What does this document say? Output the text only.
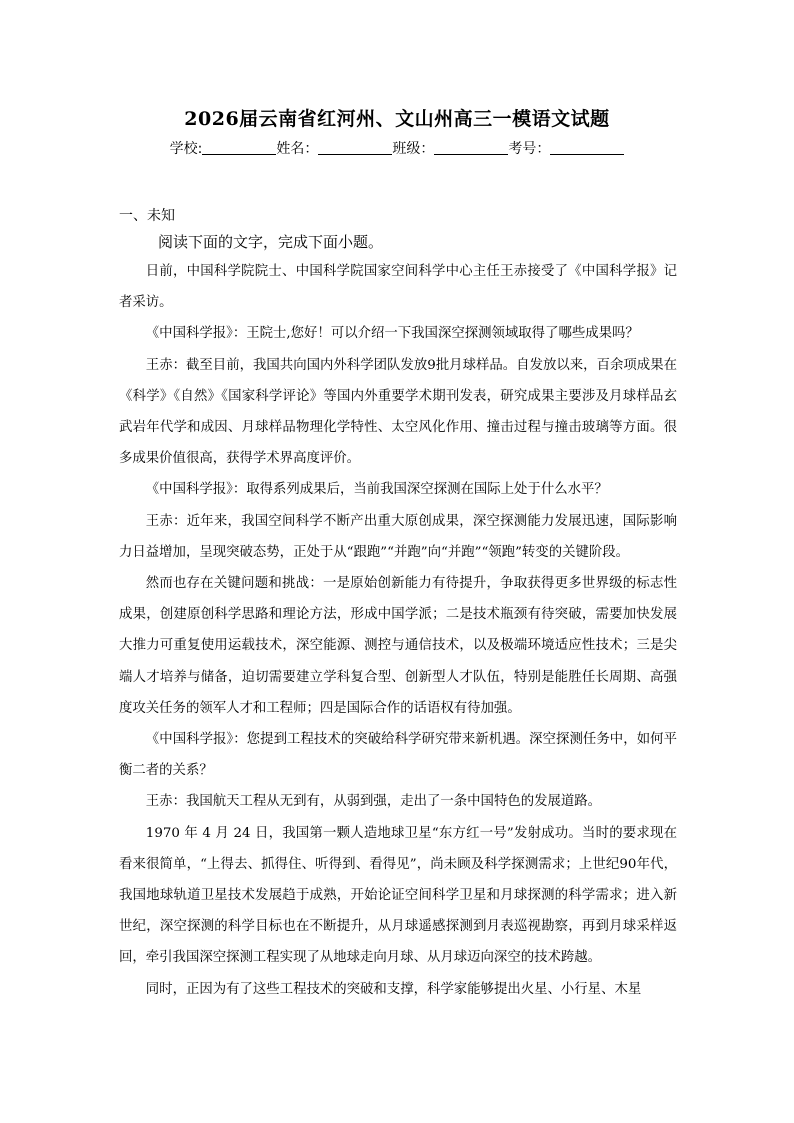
2026届云南省红河州、文山州高三一模语文试题
学校:	姓名：	班级：	考号：
一、未知
阅读下面的文字，完成下面小题。

日前，中国科学院院士、中国科学院国家空间科学中心主任王赤接受了《中国科学报》记者采访。

《中国科学报》：王院士,您好！可以介绍一下我国深空探测领域取得了哪些成果吗？

王赤：截至目前，我国共向国内外科学团队发放9批月球样品。自发放以来，百余项成果在《科学》《自然》《国家科学评论》等国内外重要学术期刊发表，研究成果主要涉及月球样品玄武岩年代学和成因、月球样品物理化学特性、太空风化作用、撞击过程与撞击玻璃等方面。很多成果价值很高，获得学术界高度评价。

《中国科学报》：取得系列成果后，当前我国深空探测在国际上处于什么水平？

王赤：近年来，我国空间科学不断产出重大原创成果，深空探测能力发展迅速，国际影响力日益增加，呈现突破态势，正处于从“跟跑”“并跑”向“并跑”“领跑”转变的关键阶段。

然而也存在关键问题和挑战：一是原始创新能力有待提升，争取获得更多世界级的标志性成果，创建原创科学思路和理论方法，形成中国学派；二是技术瓶颈有待突破，需要加快发展大推力可重复使用运载技术，深空能源、测控与通信技术，以及极端环境适应性技术；三是尖端人才培养与储备，迫切需要建立学科复合型、创新型人才队伍，特别是能胜任长周期、高强度攻关任务的领军人才和工程师；四是国际合作的话语权有待加强。

《中国科学报》：您提到工程技术的突破给科学研究带来新机遇。深空探测任务中，如何平衡二者的关系？

王赤：我国航天工程从无到有，从弱到强，走出了一条中国特色的发展道路。

1970 年 4 月 24 日，我国第一颗人造地球卫星“东方红一号”发射成功。当时的要求现在看来很简单，“上得去、抓得住、听得到、看得见”，尚未顾及科学探测需求；上世纪90年代，我国地球轨道卫星技术发展趋于成熟，开始论证空间科学卫星和月球探测的科学需求；进入新世纪，深空探测的科学目标也在不断提升，从月球遥感探测到月表巡视勘察，再到月球采样返回，牵引我国深空探测工程实现了从地球走向月球、从月球迈向深空的技术跨越。

同时，正因为有了这些工程技术的突破和支撑，科学家能够提出火星、小行星、木星
